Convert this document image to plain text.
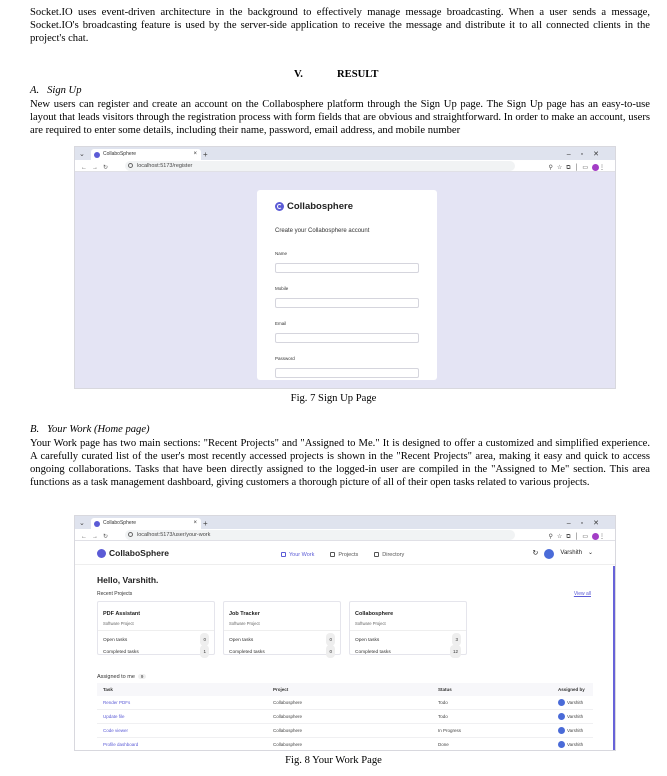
Socket.IO uses event-driven architecture in the background to effectively manage message broadcasting. When a user sends a message, Socket.IO's broadcasting feature is used by the server-side application to receive the message and distribute it to all connected clients in the project's chat.
V.	RESULT
A. Sign Up
New users can register and create an account on the Collabosphere platform through the Sign Up page. The Sign Up page has an easy-to-use layout that leads visitors through the registration process with form fields that are obvious and straightforward. In order to make an account, users are required to enter some details, including their name, password, email address, and mobile number
⌄	CollaboSphere	× +	–▫✕
←→↻	localhost:5173/register	⚲☆⧉│▭ ⋮
Collabosphere
Create your Collabosphere account
Name
Mobile
Email
Password
Fig. 7 Sign Up Page
B. Your Work (Home page)
Your Work page has two main sections: "Recent Projects" and "Assigned to Me." It is designed to offer a customized and simplified experience. A carefully curated list of the user's most recently accessed projects is shown in the "Recent Projects" area, making it easy and quick to access ongoing collaborations. Tasks that have been directly assigned to the logged-in user are compiled in the "Assigned to Me" section. This area functions as a task management dashboard, giving customers a thorough picture of all of their open tasks related to various projects.
⌄	CollaboSphere	× +	–▫✕
←→↻	localhost:5173/user/your-work	⚲☆⧉│▭ ⋮
CollaboSphere	Your Work	Projects	Directory	↻	Varshith ⌄
Hello, Varshith.
Recent Projects	View all
PDF Assistant
Software Project
Open tasks	0
Completed tasks	1
Job Tracker
Software Project
Open tasks	0
Completed tasks	0
Collabosphere
Software Project
Open tasks	3
Completed tasks	12
Assigned to me 9
Task	Project	Status	Assigned by
Render PDFs	Collabosphere	Todo	Varshith
Update file	Collabosphere	Todo	Varshith
Code viewer	Collabosphere	In Progress	Varshith
Profile dashboard	Collabosphere	Done	Varshith
Fig. 8 Your Work Page
